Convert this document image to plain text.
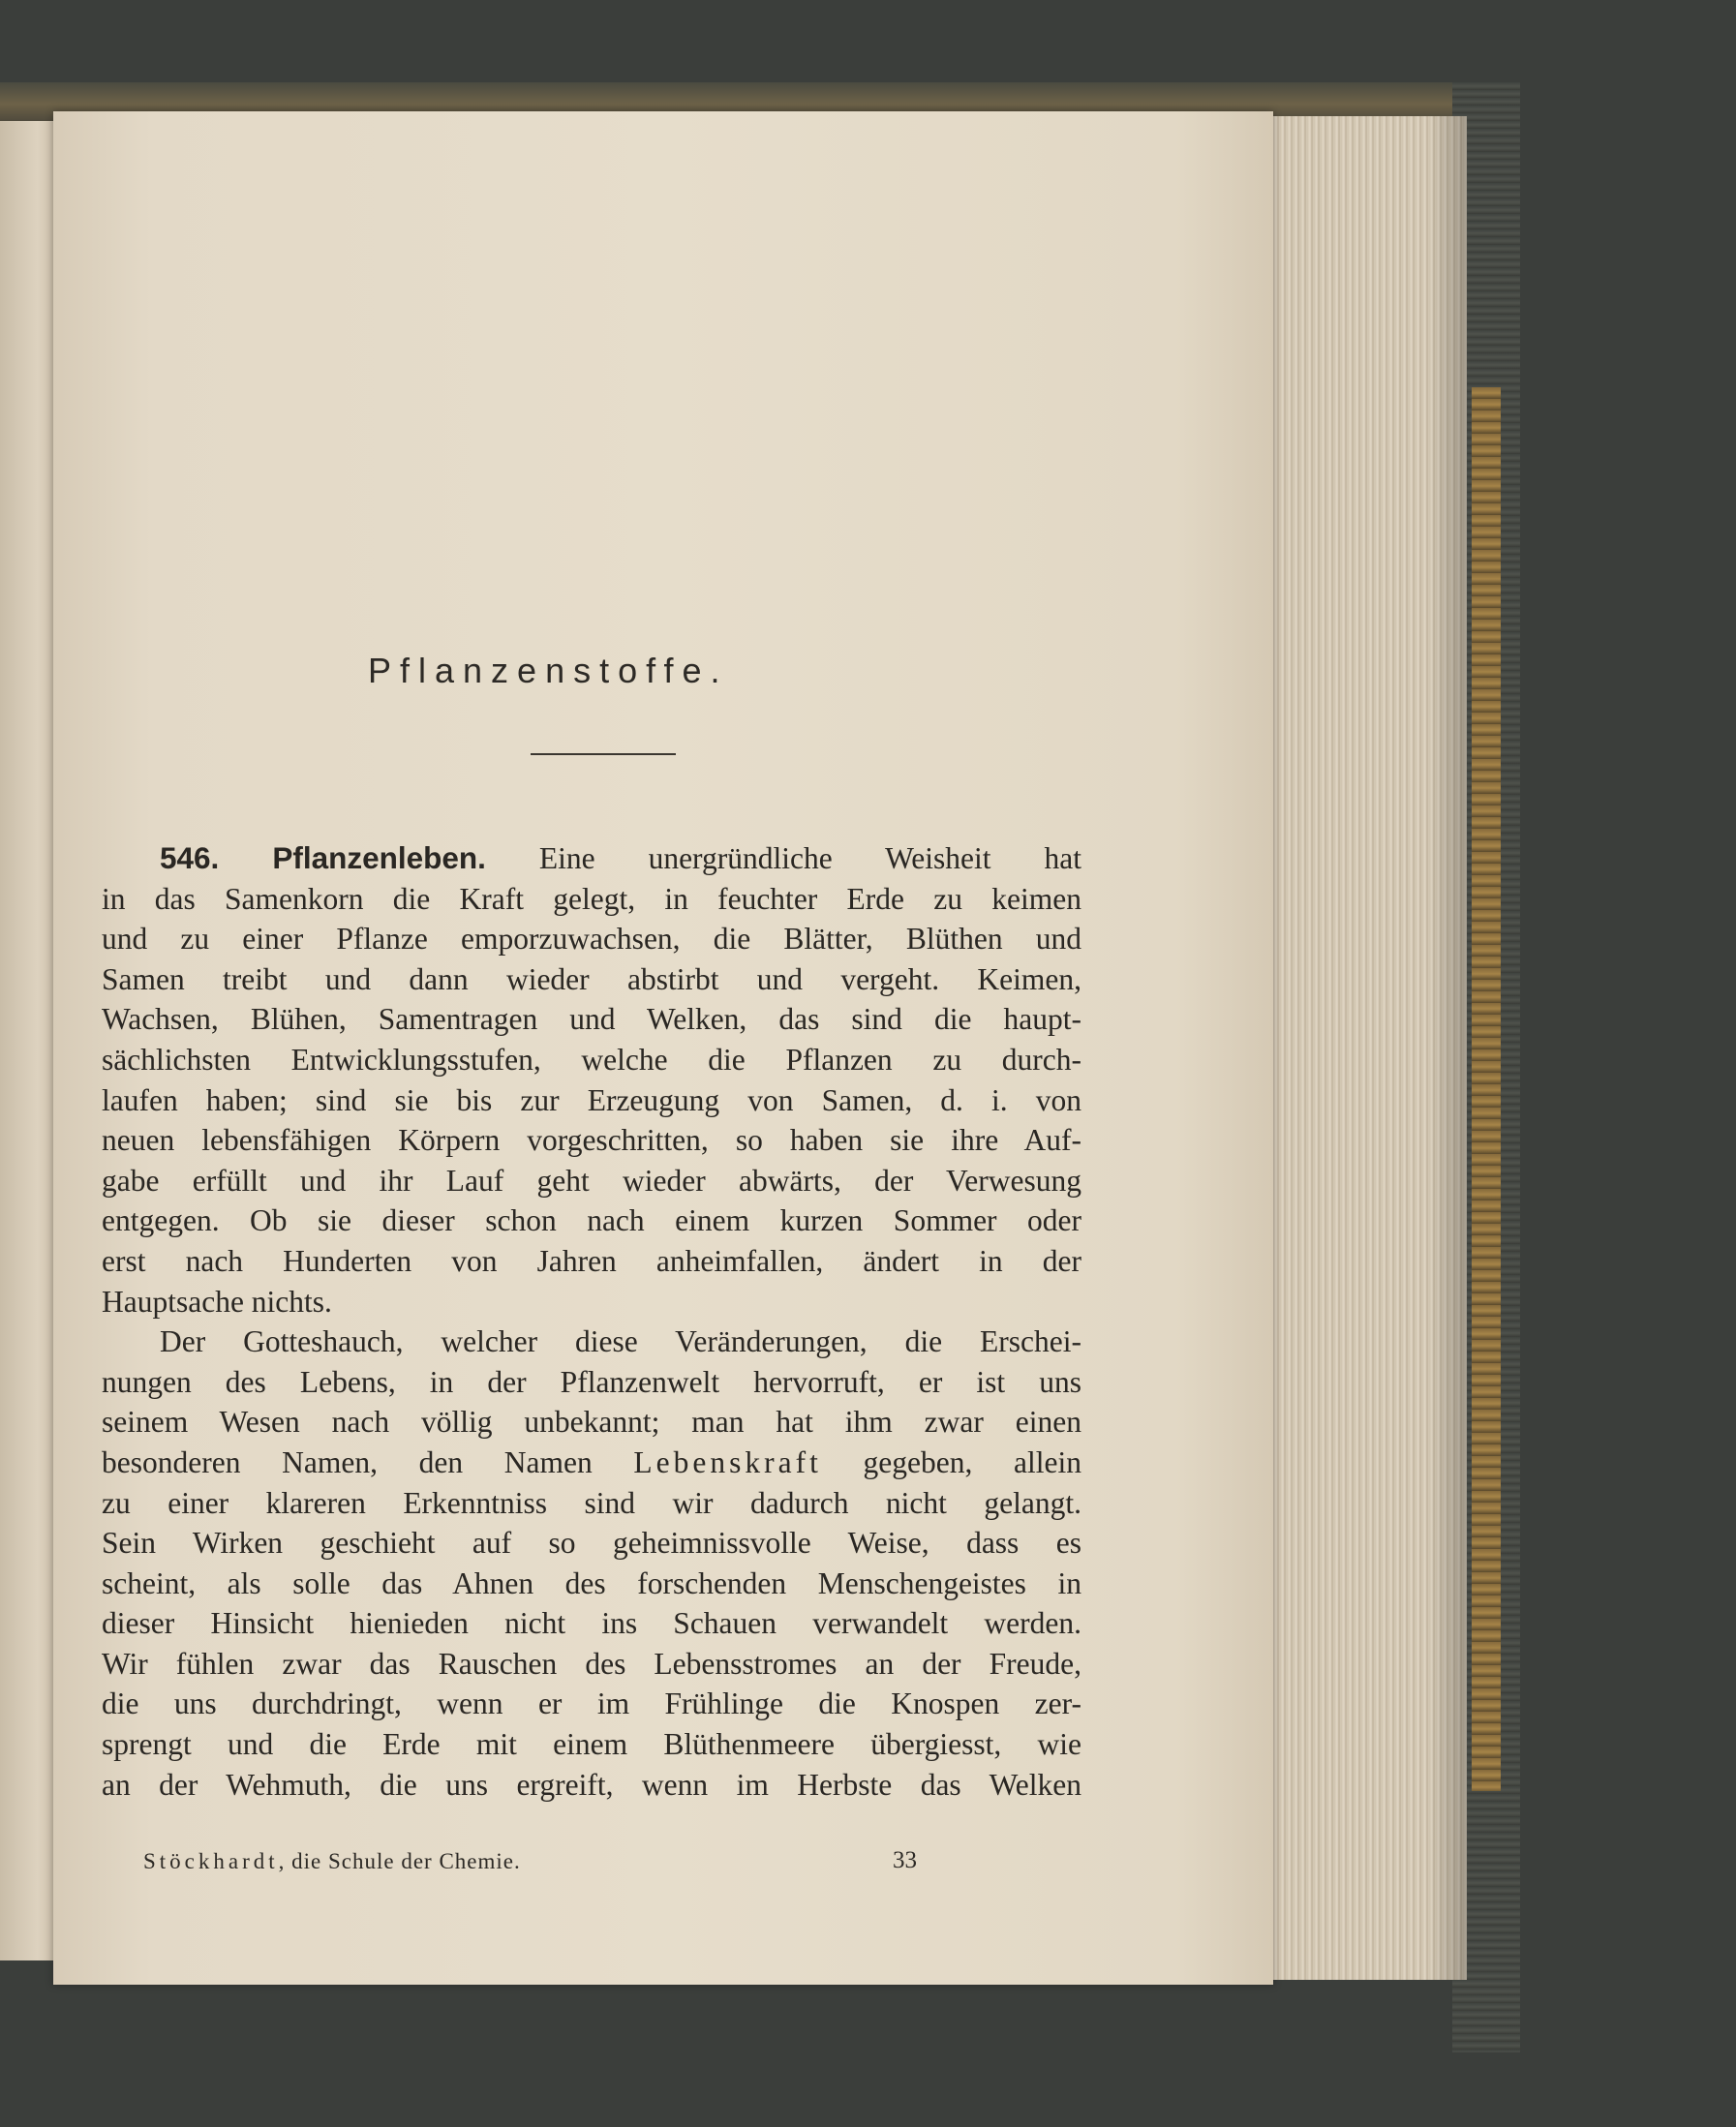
Pflanzenstoffe.
546. Pflanzenleben. Eine unergründliche Weisheit hat
in das Samenkorn die Kraft gelegt, in feuchter Erde zu keimen
und zu einer Pflanze emporzuwachsen, die Blätter, Blüthen und
Samen treibt und dann wieder abstirbt und vergeht. Keimen,
Wachsen, Blühen, Samentragen und Welken, das sind die haupt-
sächlichsten Entwicklungsstufen, welche die Pflanzen zu durch-
laufen haben; sind sie bis zur Erzeugung von Samen, d. i. von
neuen lebensfähigen Körpern vorgeschritten, so haben sie ihre Auf-
gabe erfüllt und ihr Lauf geht wieder abwärts, der Verwesung
entgegen. Ob sie dieser schon nach einem kurzen Sommer oder
erst nach Hunderten von Jahren anheimfallen, ändert in der
Hauptsache nichts.
Der Gotteshauch, welcher diese Veränderungen, die Erschei-
nungen des Lebens, in der Pflanzenwelt hervorruft, er ist uns
seinem Wesen nach völlig unbekannt; man hat ihm zwar einen
besonderen Namen, den Namen Lebenskraft gegeben, allein
zu einer klareren Erkenntniss sind wir dadurch nicht gelangt.
Sein Wirken geschieht auf so geheimnissvolle Weise, dass es
scheint, als solle das Ahnen des forschenden Menschengeistes in
dieser Hinsicht hienieden nicht ins Schauen verwandelt werden.
Wir fühlen zwar das Rauschen des Lebensstromes an der Freude,
die uns durchdringt, wenn er im Frühlinge die Knospen zer-
sprengt und die Erde mit einem Blüthenmeere übergiesst, wie
an der Wehmuth, die uns ergreift, wenn im Herbste das Welken
Stöckhardt, die Schule der Chemie.	33
